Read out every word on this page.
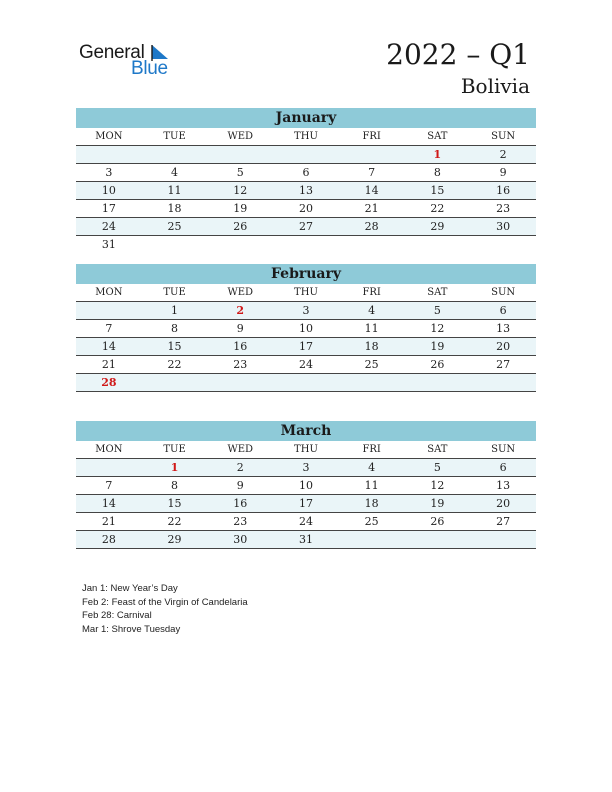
General
Blue	2022 – Q1
Bolivia
January
MON	TUE	WED	THU	FRI	SAT	SUN
					1	2
3	4	5	6	7	8	9
10	11	12	13	14	15	16
17	18	19	20	21	22	23
24	25	26	27	28	29	30
31						
February
MON	TUE	WED	THU	FRI	SAT	SUN
	1	2	3	4	5	6
7	8	9	10	11	12	13
14	15	16	17	18	19	20
21	22	23	24	25	26	27
28						
March
MON	TUE	WED	THU	FRI	SAT	SUN
	1	2	3	4	5	6
7	8	9	10	11	12	13
14	15	16	17	18	19	20
21	22	23	24	25	26	27
28	29	30	31			
Jan 1: New Year’s Day
Feb 2: Feast of the Virgin of Candelaria
Feb 28: Carnival
Mar 1: Shrove Tuesday
